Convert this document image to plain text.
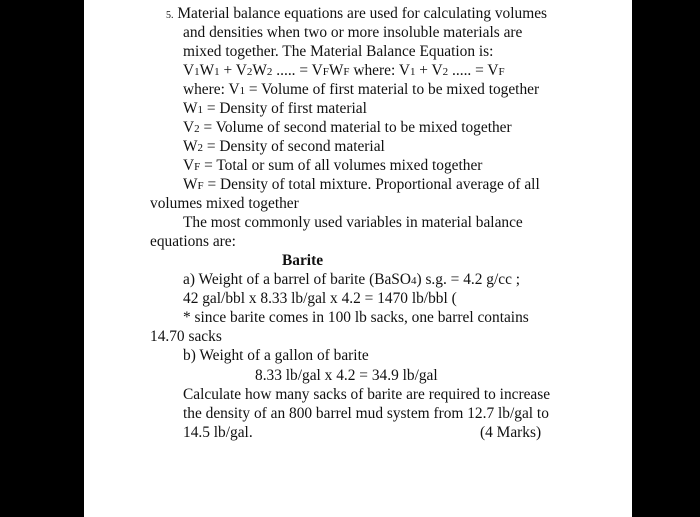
5. Material balance equations are used for calculating volumes
and densities when two or more insoluble materials are
mixed together. The Material Balance Equation is:
V1W1 + V2W2 ..... = VFWF where: V1 + V2 ..... = VF
where: V1 = Volume of first material to be mixed together
W1 = Density of first material
V2 = Volume of second material to be mixed together
W2 = Density of second material
VF = Total or sum of all volumes mixed together
WF = Density of total mixture. Proportional average of all
volumes mixed together
The most commonly used variables in material balance
equations are:
Barite
a) Weight of a barrel of barite (BaSO4) s.g. = 4.2 g/cc ;
42 gal/bbl x 8.33 lb/gal x 4.2 = 1470 lb/bbl (
* since barite comes in 100 lb sacks, one barrel contains
14.70 sacks
b) Weight of a gallon of barite
8.33 lb/gal x 4.2 = 34.9 lb/gal
Calculate how many sacks of barite are required to increase
the density of an 800 barrel mud system from 12.7 lb/gal to
14.5 lb/gal.	(4 Marks)
